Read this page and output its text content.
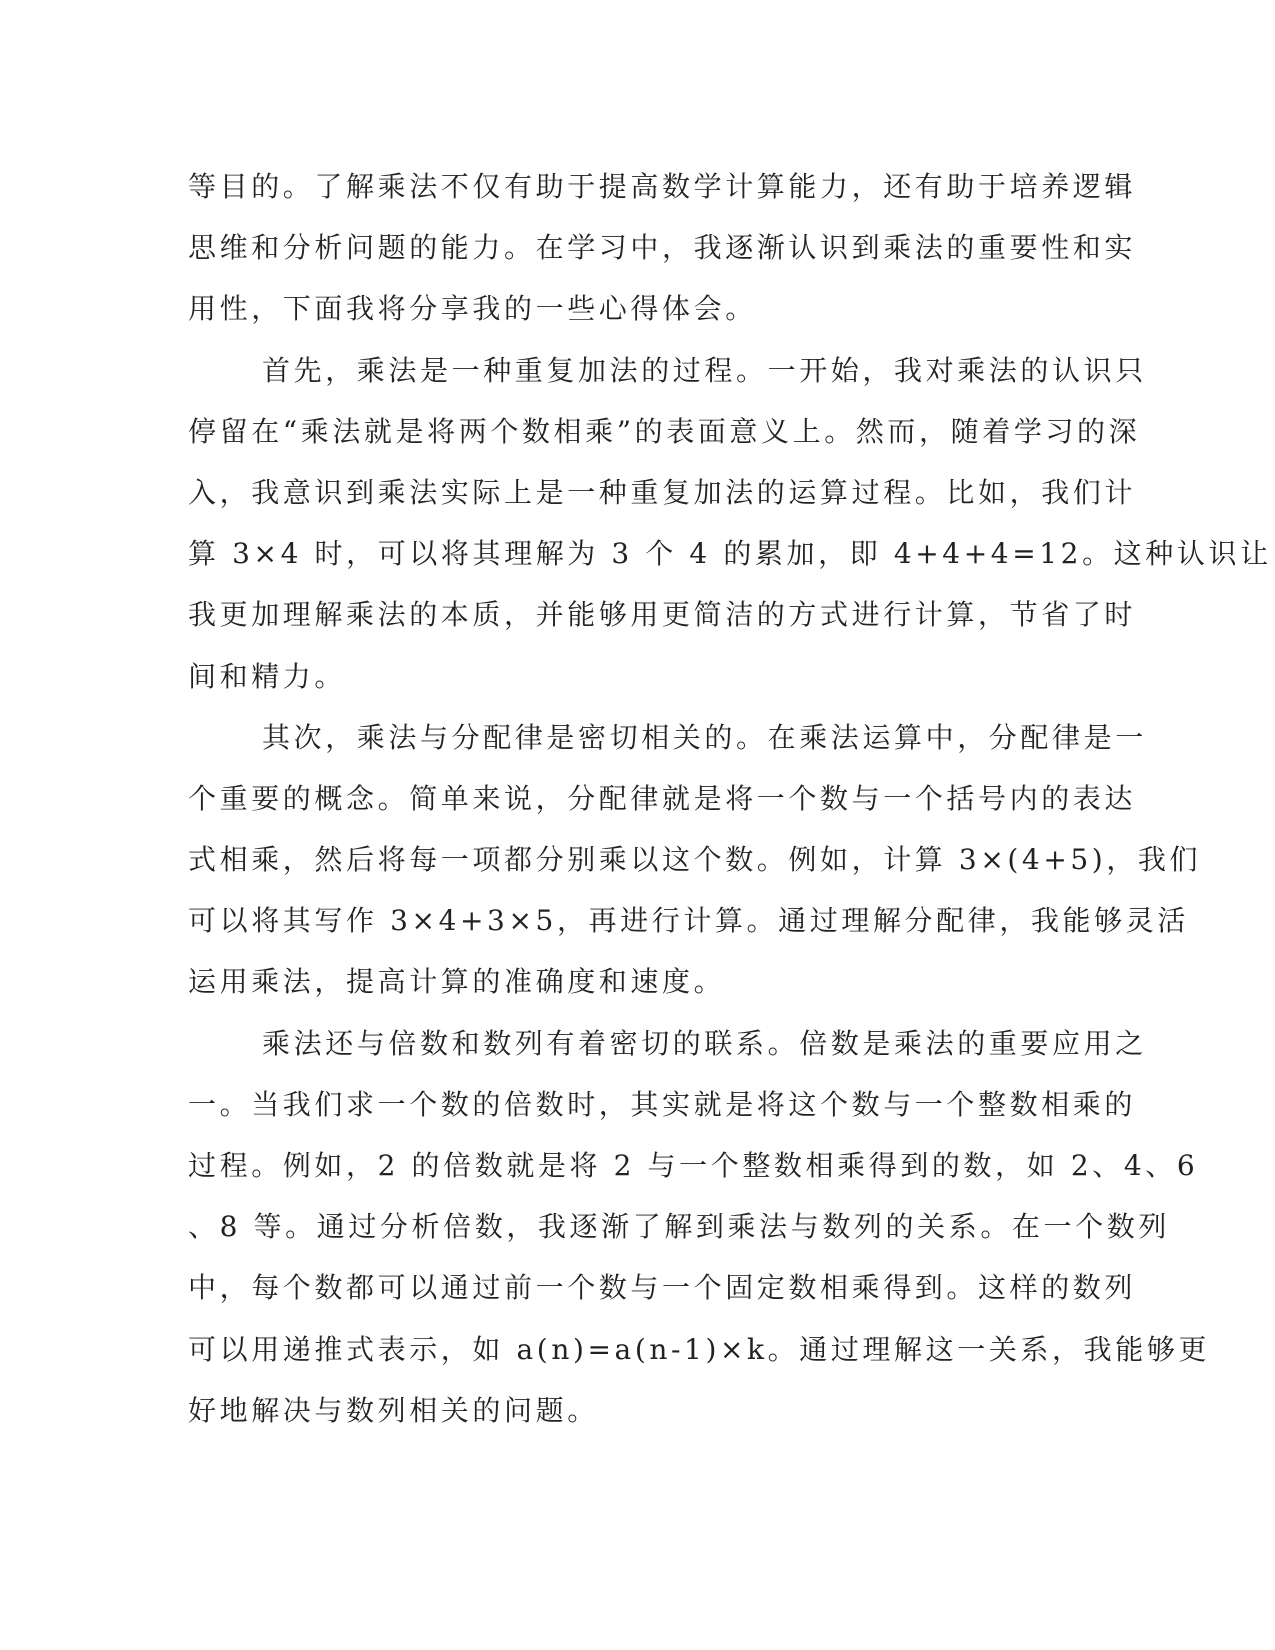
等目的。了解乘法不仅有助于提高数学计算能力，还有助于培养逻辑
思维和分析问题的能力。在学习中，我逐渐认识到乘法的重要性和实
用性，下面我将分享我的一些心得体会。
首先，乘法是一种重复加法的过程。一开始，我对乘法的认识只
停留在“乘法就是将两个数相乘”的表面意义上。然而，随着学习的深
入，我意识到乘法实际上是一种重复加法的运算过程。比如，我们计
算 3×4 时，可以将其理解为 3 个 4 的累加，即 4+4+4=12。这种认识让
我更加理解乘法的本质，并能够用更简洁的方式进行计算，节省了时
间和精力。
其次，乘法与分配律是密切相关的。在乘法运算中，分配律是一
个重要的概念。简单来说，分配律就是将一个数与一个括号内的表达
式相乘，然后将每一项都分别乘以这个数。例如，计算 3×(4+5)，我们
可以将其写作 3×4+3×5，再进行计算。通过理解分配律，我能够灵活
运用乘法，提高计算的准确度和速度。
乘法还与倍数和数列有着密切的联系。倍数是乘法的重要应用之
一。当我们求一个数的倍数时，其实就是将这个数与一个整数相乘的
过程。例如，2 的倍数就是将 2 与一个整数相乘得到的数，如 2、4、6
、8 等。通过分析倍数，我逐渐了解到乘法与数列的关系。在一个数列
中，每个数都可以通过前一个数与一个固定数相乘得到。这样的数列
可以用递推式表示，如 a(n)=a(n-1)×k。通过理解这一关系，我能够更
好地解决与数列相关的问题。
